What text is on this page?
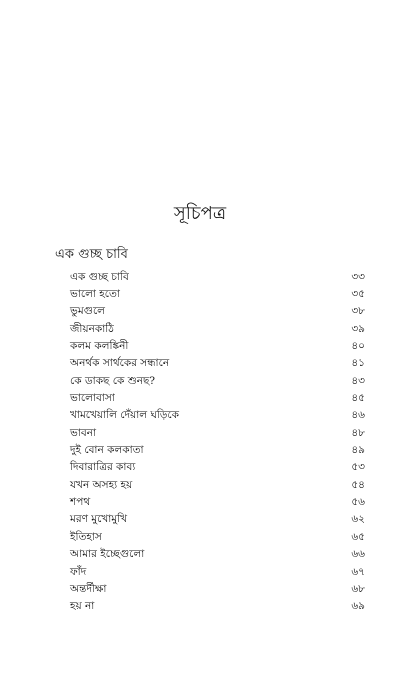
সূচিপত্র
এক গুচ্ছ চাবি
এক গুচ্ছ চাবি	৩৩
ভালো হতো	৩৫
ভুমগুলে	৩৮
জীয়নকাঠি	৩৯
কলম কলঙ্কিনী	৪০
অনর্থক সার্থকের সন্ধানে	৪১
কে ডাকছ কে শুনছ?	৪৩
ভালোবাসা	৪৫
খামখেয়ালি দেঁয়াল ঘড়িকে	৪৬
ভাবনা	৪৮
দুই বোন কলকাতা	৪৯
দিবারাত্রির কাব্য	৫৩
যখন অসহ্য হয়	৫৪
শপথ	৫৬
মরণ মুখোমুখি	৬২
ইতিহাস	৬৫
আমার ইচ্ছেগুলো	৬৬
ফাঁদ	৬৭
অন্তর্দীক্ষা	৬৮
হয় না	৬৯
